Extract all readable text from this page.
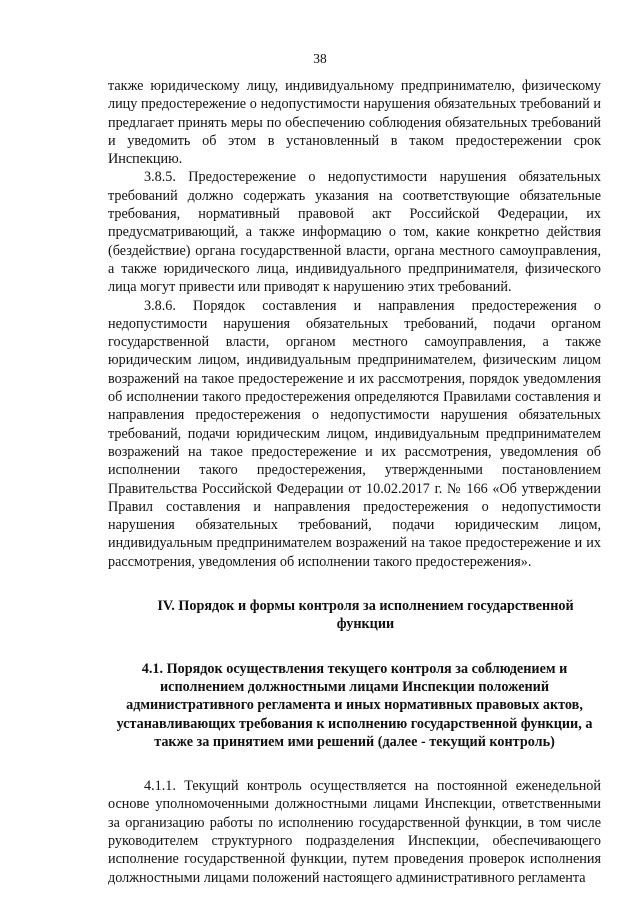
38

также юридическому лицу, индивидуальному предпринимателю, физическому лицу предостережение о недопустимости нарушения обязательных требований и предлагает принять меры по обеспечению соблюдения обязательных требований и уведомить об этом в установленный в таком предостережении срок Инспекцию.

3.8.5. Предостережение о недопустимости нарушения обязательных требований должно содержать указания на соответствующие обязательные требования, нормативный правовой акт Российской Федерации, их предусматривающий, а также информацию о том, какие конкретно действия (бездействие) органа государственной власти, органа местного самоуправления, а также юридического лица, индивидуального предпринимателя, физического лица могут привести или приводят к нарушению этих требований.

3.8.6. Порядок составления и направления предостережения о недопустимости нарушения обязательных требований, подачи органом государственной власти, органом местного самоуправления, а также юридическим лицом, индивидуальным предпринимателем, физическим лицом возражений на такое предостережение и их рассмотрения, порядок уведомления об исполнении такого предостережения определяются Правилами составления и направления предостережения о недопустимости нарушения обязательных требований, подачи юридическим лицом, индивидуальным предпринимателем возражений на такое предостережение и их рассмотрения, уведомления об исполнении такого предостережения, утвержденными постановлением Правительства Российской Федерации от 10.02.2017 г. № 166 «Об утверждении Правил составления и направления предостережения о недопустимости нарушения обязательных требований, подачи юридическим лицом, индивидуальным предпринимателем возражений на такое предостережение и их рассмотрения, уведомления об исполнении такого предостережения».

IV. Порядок и формы контроля за исполнением государственной функции
4.1. Порядок осуществления текущего контроля за соблюдением и исполнением должностными лицами Инспекции положений административного регламента и иных нормативных правовых актов, устанавливающих требования к исполнению государственной функции, а также за принятием ими решений (далее - текущий контроль)

4.1.1. Текущий контроль осуществляется на постоянной еженедельной основе уполномоченными должностными лицами Инспекции, ответственными за организацию работы по исполнению государственной функции, в том числе руководителем структурного подразделения Инспекции, обеспечивающего исполнение государственной функции, путем проведения проверок исполнения должностными лицами положений настоящего административного регламента
